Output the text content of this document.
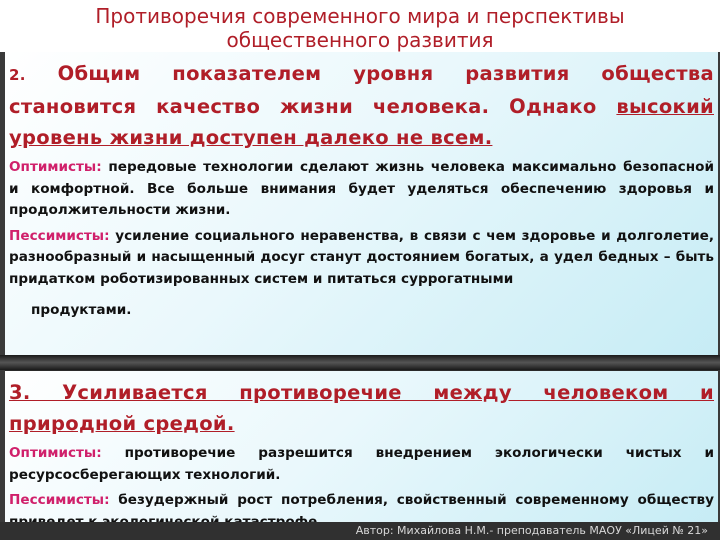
Противоречия современного мира и перспективы
общественного развития

2. Общим показателем уровня развития общества становится качество жизни человека. Однако высокий уровень жизни доступен далеко не всем.

Оптимисты: передовые технологии сделают жизнь человека максимально безопасной и комфортной. Все больше внимания будет уделяться обеспечению здоровья и продолжительности жизни.

Пессимисты: усиление социального неравенства, в связи с чем здоровье и долголетие, разнообразный и насыщенный досуг станут достоянием богатых, а удел бедных – быть придатком роботизированных систем и питаться суррогатными

продуктами.

3. Усиливается противоречие между человеком и природной средой.

Оптимисты: противоречие разрешится внедрением экологически чистых и ресурсосберегающих технологий.

Пессимисты: безудержный рост потребления, свойственный современному обществу

Автор: Михайлова Н.М.- преподаватель МАОУ «Лицей № 21»
